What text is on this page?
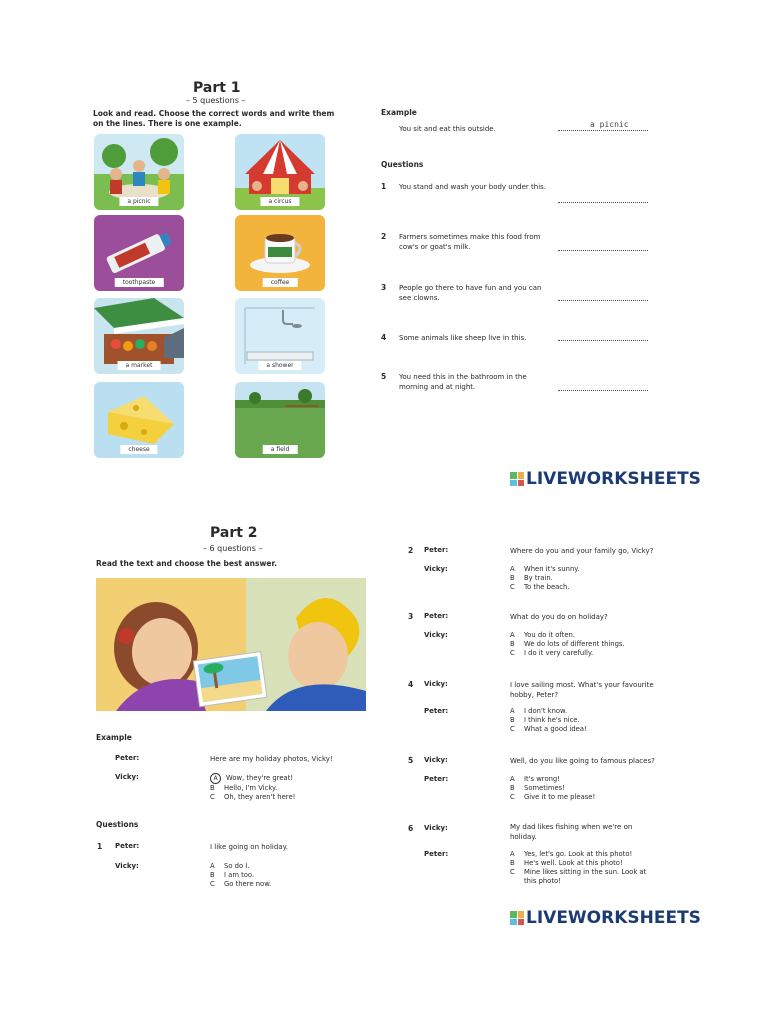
Part 1
– 5 questions –
Look and read. Choose the correct words and write them on the lines. There is one example.
a picnic	a circus
toothpaste	coffee
a market	a shower
cheese	a field
Example
You sit and eat this outside.	a picnic
Questions
1 You stand and wash your body under this.
2 Farmers sometimes make this food from cow's or goat's milk.
3 People go there to have fun and you can see clowns.
4 Some animals like sheep live in this.
5 You need this in the bathroom in the morning and at night.
LIVEWORKSHEETS
Part 2
– 6 questions –
Read the text and choose the best answer.
Example
Peter:	Here are my holiday photos, Vicky!
Vicky:	A Wow, they're great!
B Hello, I'm Vicky.
C Oh, they aren't here!
Questions
1 Peter:	I like going on holiday.
Vicky:	A So do I.
B I am too.
C Go there now.
2 Peter:	Where do you and your family go, Vicky?
Vicky:	A When it's sunny.
B By train.
C To the beach.
3 Peter:	What do you do on holiday?
Vicky:	A You do it often.
B We do lots of different things.
C I do it very carefully.
4 Vicky:	I love sailing most. What's your favourite hobby, Peter?
Peter:	A I don't know.
B I think he's nice.
C What a good idea!
5 Vicky:	Well, do you like going to famous places?
Peter:	A It's wrong!
B Sometimes!
C Give it to me please!
6 Vicky:	My dad likes fishing when we're on holiday.
Peter:	A Yes, let's go. Look at this photo!
B He's well. Look at this photo!
C	Mine likes sitting in the sun. Look at this photo!
LIVEWORKSHEETS
